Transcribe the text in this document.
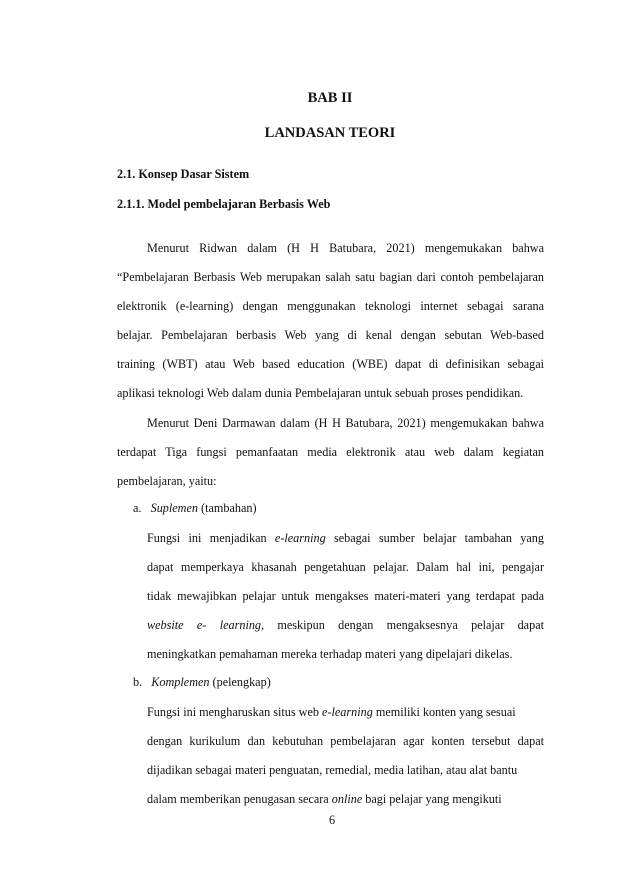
BAB II
LANDASAN TEORI
2.1. Konsep Dasar Sistem
2.1.1. Model pembelajaran Berbasis Web
Menurut Ridwan dalam (H H Batubara, 2021) mengemukakan bahwa
“Pembelajaran Berbasis Web merupakan salah satu bagian dari contoh pembelajaran
elektronik (e-learning) dengan menggunakan teknologi internet sebagai sarana
belajar. Pembelajaran berbasis Web yang di kenal dengan sebutan Web-based
training (WBT) atau Web based education (WBE) dapat di definisikan sebagai
aplikasi teknologi Web dalam dunia Pembelajaran untuk sebuah proses pendidikan.
Menurut Deni Darmawan dalam (H H Batubara, 2021) mengemukakan bahwa
terdapat Tiga fungsi pemanfaatan media elektronik atau web dalam kegiatan
pembelajaran, yaitu:
a. Suplemen (tambahan)
Fungsi ini menjadikan e-learning sebagai sumber belajar tambahan yang
dapat memperkaya khasanah pengetahuan pelajar. Dalam hal ini, pengajar
tidak mewajibkan pelajar untuk mengakses materi-materi yang terdapat pada
website e- learning, meskipun dengan mengaksesnya pelajar dapat
meningkatkan pemahaman mereka terhadap materi yang dipelajari dikelas.
b. Komplemen (pelengkap)
Fungsi ini mengharuskan situs web e-learning memiliki konten yang sesuai
dengan kurikulum dan kebutuhan pembelajaran agar konten tersebut dapat
dijadikan sebagai materi penguatan, remedial, media latihan, atau alat bantu
dalam memberikan penugasan secara online bagi pelajar yang mengikuti
6
